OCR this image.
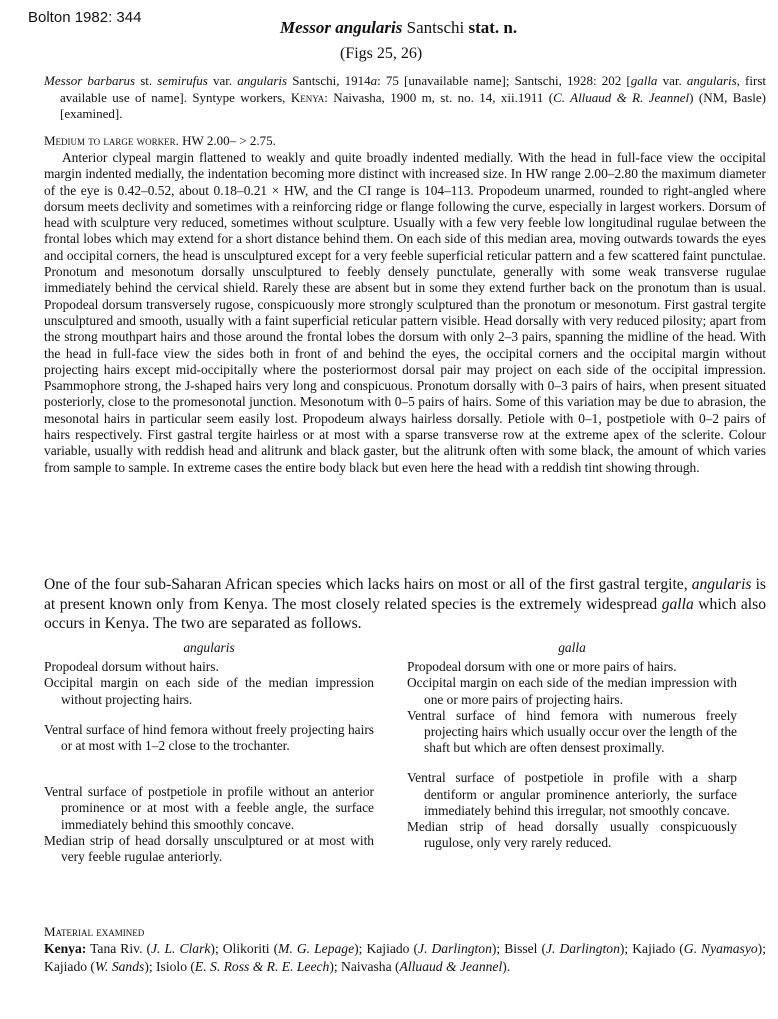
Bolton 1982: 344
Messor angularis Santschi stat. n.
(Figs 25, 26)

Messor barbarus st. semirufus var. angularis Santschi, 1914a: 75 [unavailable name]; Santschi, 1928: 202 [galla var. angularis, first available use of name]. Syntype workers, Kenya: Naivasha, 1900 m, st. no. 14, xii.1911 (C. Alluaud & R. Jeannel) (NM, Basle) [examined].

Medium to large worker. HW 2.00– > 2.75.

Anterior clypeal margin flattened to weakly and quite broadly indented medially. With the head in full-face view the occipital margin indented medially, the indentation becoming more distinct with increased size. In HW range 2.00–2.80 the maximum diameter of the eye is 0.42–0.52, about 0.18–0.21 × HW, and the CI range is 104–113. Propodeum unarmed, rounded to right-angled where dorsum meets declivity and sometimes with a reinforcing ridge or flange following the curve, especially in largest workers. Dorsum of head with sculpture very reduced, sometimes without sculpture. Usually with a few very feeble low longitudinal rugulae between the frontal lobes which may extend for a short distance behind them. On each side of this median area, moving outwards towards the eyes and occipital corners, the head is unsculptured except for a very feeble superficial reticular pattern and a few scattered faint punctulae. Pronotum and mesonotum dorsally unsculptured to feebly densely punctulate, generally with some weak transverse rugulae immediately behind the cervical shield. Rarely these are absent but in some they extend further back on the pronotum than is usual. Propodeal dorsum transversely rugose, conspicuously more strongly sculptured than the pronotum or mesonotum. First gastral tergite unsculptured and smooth, usually with a faint superficial reticular pattern visible. Head dorsally with very reduced pilosity; apart from the strong mouthpart hairs and those around the frontal lobes the dorsum with only 2–3 pairs, spanning the midline of the head. With the head in full-face view the sides both in front of and behind the eyes, the occipital corners and the occipital margin without projecting hairs except mid-occipitally where the posteriormost dorsal pair may project on each side of the occipital impression. Psammophore strong, the J-shaped hairs very long and conspicuous. Pronotum dorsally with 0–3 pairs of hairs, when present situated posteriorly, close to the promesonotal junction. Mesonotum with 0–5 pairs of hairs. Some of this variation may be due to abrasion, the mesonotal hairs in particular seem easily lost. Propodeum always hairless dorsally. Petiole with 0–1, postpetiole with 0–2 pairs of hairs respectively. First gastral tergite hairless or at most with a sparse transverse row at the extreme apex of the sclerite. Colour variable, usually with reddish head and alitrunk and black gaster, but the alitrunk often with some black, the amount of which varies from sample to sample. In extreme cases the entire body black but even here the head with a reddish tint showing through.

One of the four sub-Saharan African species which lacks hairs on most or all of the first gastral tergite, angularis is at present known only from Kenya. The most closely related species is the extremely widespread galla which also occurs in Kenya. The two are separated as follows.

angularis

Propodeal dorsum without hairs.

Occipital margin on each side of the median impression without projecting hairs.

Ventral surface of hind femora without freely projecting hairs or at most with 1–2 close to the trochanter.

Ventral surface of postpetiole in profile without an anterior prominence or at most with a feeble angle, the surface immediately behind this smoothly concave.

Median strip of head dorsally unsculptured or at most with very feeble rugulae anteriorly.

galla

Propodeal dorsum with one or more pairs of hairs.

Occipital margin on each side of the median impression with one or more pairs of projecting hairs.

Ventral surface of hind femora with numerous freely projecting hairs which usually occur over the length of the shaft but which are often densest proximally.

Ventral surface of postpetiole in profile with a sharp dentiform or angular prominence anteriorly, the surface immediately behind this irregular, not smoothly concave.

Median strip of head dorsally usually conspicuously rugulose, only very rarely reduced.

Material examined

Kenya: Tana Riv. (J. L. Clark); Olikoriti (M. G. Lepage); Kajiado (J. Darlington); Bissel (J. Darlington); Kajiado (G. Nyamasyo); Kajiado (W. Sands); Isiolo (E. S. Ross & R. E. Leech); Naivasha (Alluaud & Jeannel).
